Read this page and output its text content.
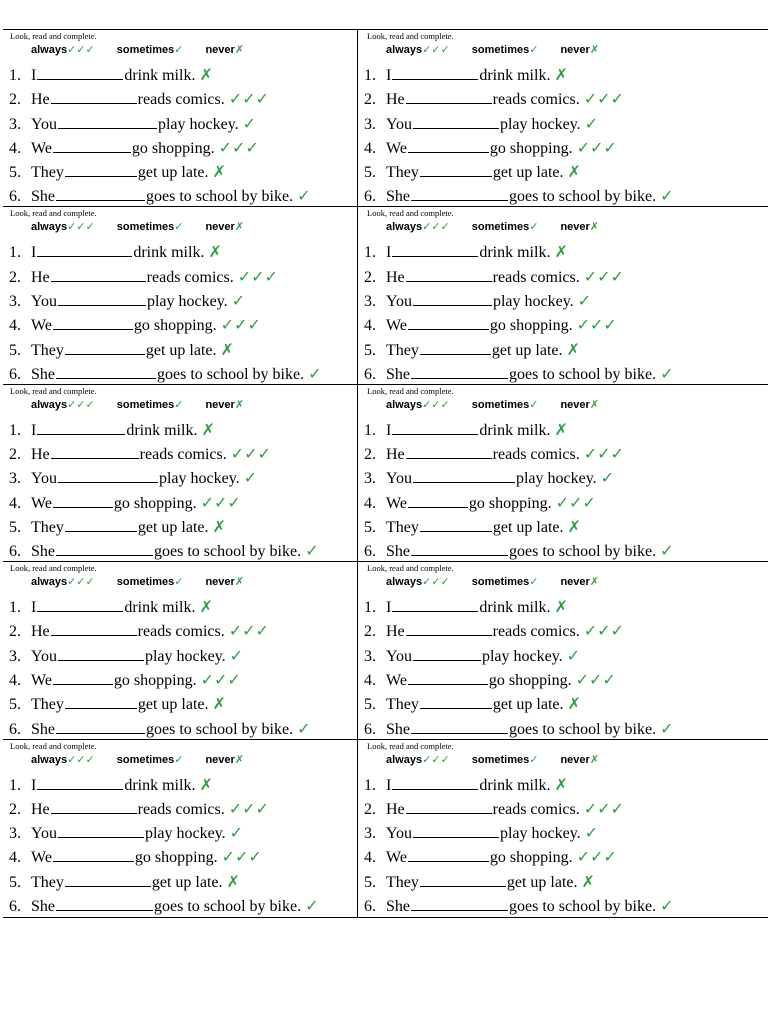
Look, read and complete.
always✓✓✓ sometimes✓ never✗
1. I	drink milk. ✗
2. He	reads comics. ✓✓✓
3. You	play hockey. ✓
4. We	go shopping. ✓✓✓
5. They	get up late. ✗
6. She	goes to school by bike. ✓
Look, read and complete.
always✓✓✓ sometimes✓ never✗
1. I	drink milk. ✗
2. He	reads comics. ✓✓✓
3. You	play hockey. ✓
4. We	go shopping. ✓✓✓
5. They	get up late. ✗
6. She	goes to school by bike. ✓
Look, read and complete.
always✓✓✓ sometimes✓ never✗
1. I	drink milk. ✗
2. He	reads comics. ✓✓✓
3. You	play hockey. ✓
4. We	go shopping. ✓✓✓
5. They	get up late. ✗
6. She	goes to school by bike. ✓
Look, read and complete.
always✓✓✓ sometimes✓ never✗
1. I	drink milk. ✗
2. He	reads comics. ✓✓✓
3. You	play hockey. ✓
4. We	go shopping. ✓✓✓
5. They	get up late. ✗
6. She	goes to school by bike. ✓
Look, read and complete.
always✓✓✓ sometimes✓ never✗
1. I	drink milk. ✗
2. He	reads comics. ✓✓✓
3. You	play hockey. ✓
4. We	go shopping. ✓✓✓
5. They	get up late. ✗
6. She	goes to school by bike. ✓
Look, read and complete.
always✓✓✓ sometimes✓ never✗
1. I	drink milk. ✗
2. He	reads comics. ✓✓✓
3. You	play hockey. ✓
4. We	go shopping. ✓✓✓
5. They	get up late. ✗
6. She	goes to school by bike. ✓
Look, read and complete.
always✓✓✓ sometimes✓ never✗
1. I	drink milk. ✗
2. He	reads comics. ✓✓✓
3. You	play hockey. ✓
4. We	go shopping. ✓✓✓
5. They	get up late. ✗
6. She	goes to school by bike. ✓
Look, read and complete.
always✓✓✓ sometimes✓ never✗
1. I	drink milk. ✗
2. He	reads comics. ✓✓✓
3. You	play hockey. ✓
4. We	go shopping. ✓✓✓
5. They	get up late. ✗
6. She	goes to school by bike. ✓
Look, read and complete.
always✓✓✓ sometimes✓ never✗
1. I	drink milk. ✗
2. He	reads comics. ✓✓✓
3. You	play hockey. ✓
4. We	go shopping. ✓✓✓
5. They	get up late. ✗
6. She	goes to school by bike. ✓
Look, read and complete.
always✓✓✓ sometimes✓ never✗
1. I	drink milk. ✗
2. He	reads comics. ✓✓✓
3. You	play hockey. ✓
4. We	go shopping. ✓✓✓
5. They	get up late. ✗
6. She	goes to school by bike. ✓
